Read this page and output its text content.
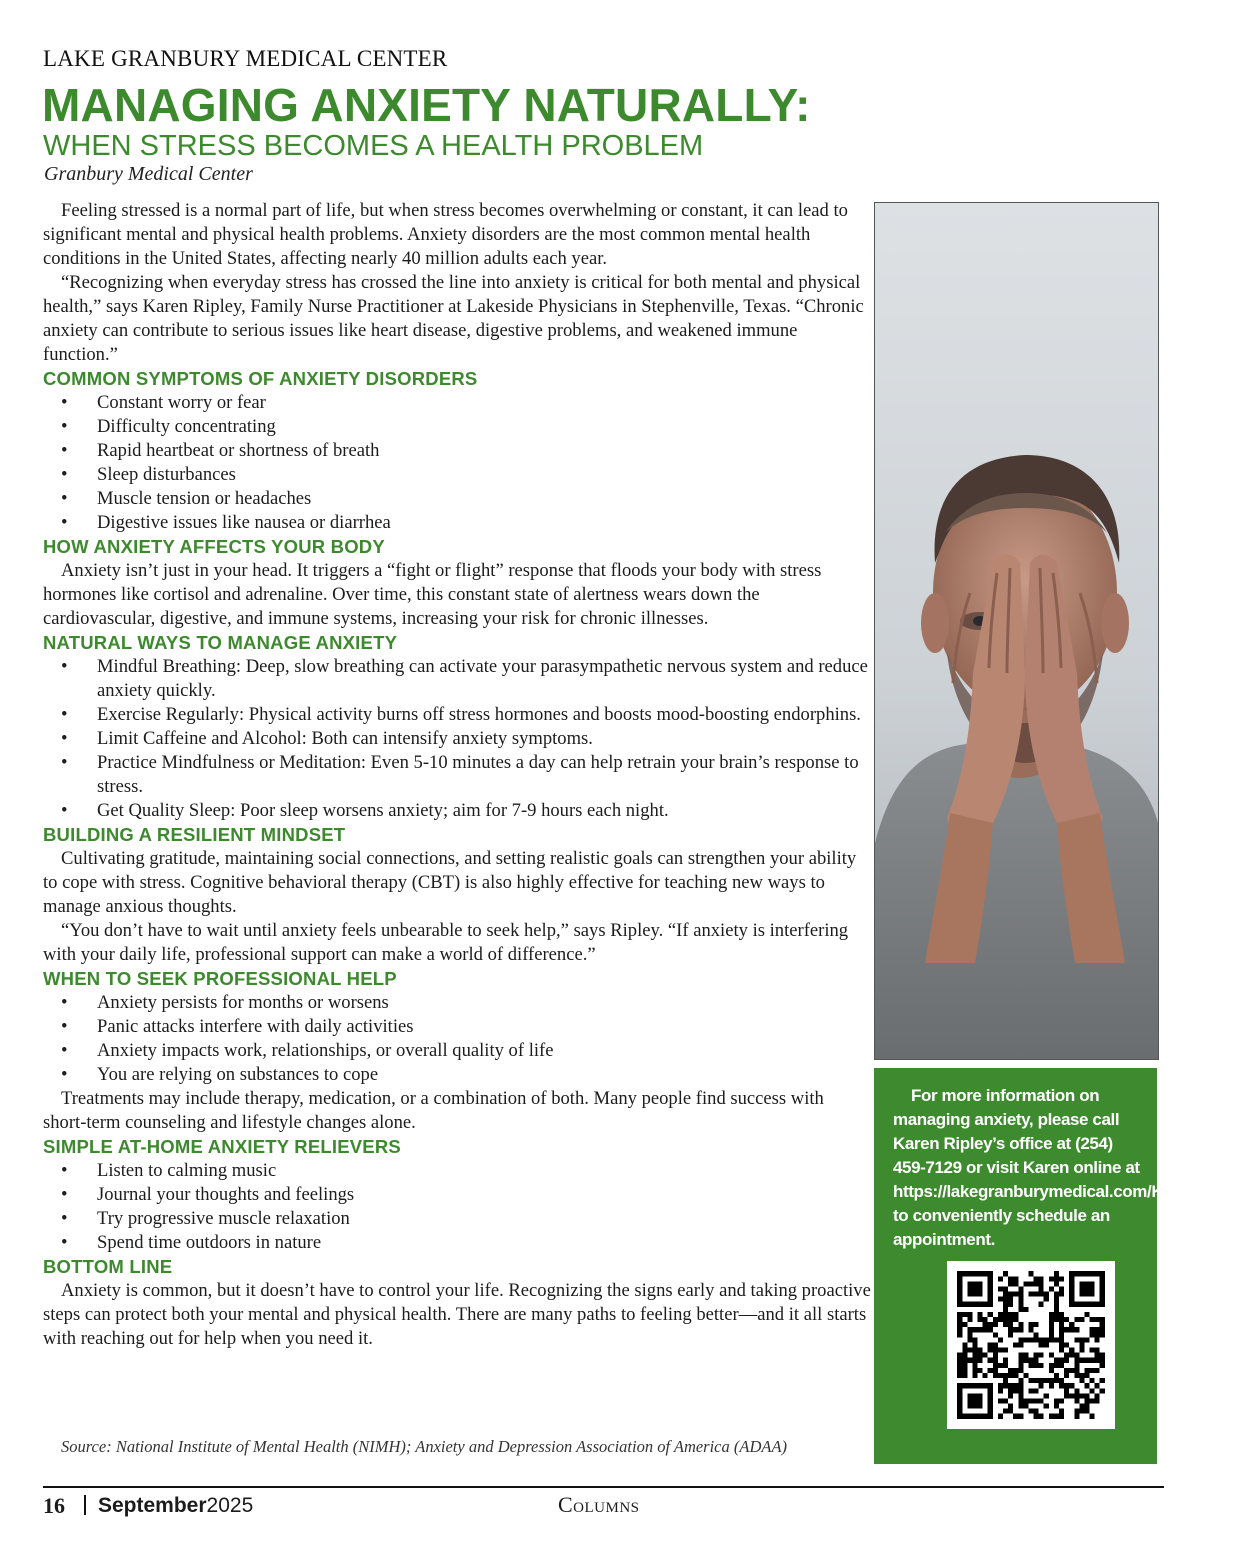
LAKE GRANBURY MEDICAL CENTER
MANAGING ANXIETY NATURALLY:
WHEN STRESS BECOMES A HEALTH PROBLEM
Granbury Medical Center

Feeling stressed is a normal part of life, but when stress becomes overwhelming or constant, it can lead to significant mental and physical health problems. Anxiety disorders are the most common mental health conditions in the United States, affecting nearly 40 million adults each year.

“Recognizing when everyday stress has crossed the line into anxiety is critical for both mental and physical health,” says Karen Ripley, Family Nurse Practitioner at Lakeside Physicians in Stephenville, Texas. “Chronic anxiety can contribute to serious issues like heart disease, digestive problems, and weakened immune function.”

COMMON SYMPTOMS OF ANXIETY DISORDERS
• Constant worry or fear
• Difficulty concentrating
• Rapid heartbeat or shortness of breath
• Sleep disturbances
• Muscle tension or headaches
• Digestive issues like nausea or diarrhea
HOW ANXIETY AFFECTS YOUR BODY

Anxiety isn’t just in your head. It triggers a “fight or flight” response that floods your body with stress hormones like cortisol and adrenaline. Over time, this constant state of alertness wears down the cardiovascular, digestive, and immune systems, increasing your risk for chronic illnesses.

NATURAL WAYS TO MANAGE ANXIETY
• Mindful Breathing: Deep, slow breathing can activate your parasympathetic nervous system and reduce anxiety quickly.
• Exercise Regularly: Physical activity burns off stress hormones and boosts mood-boosting endorphins.
• Limit Caffeine and Alcohol: Both can intensify anxiety symptoms.
• Practice Mindfulness or Meditation: Even 5-10 minutes a day can help retrain your brain’s response to stress.
• Get Quality Sleep: Poor sleep worsens anxiety; aim for 7-9 hours each night.
BUILDING A RESILIENT MINDSET

Cultivating gratitude, maintaining social connections, and setting realistic goals can strengthen your ability to cope with stress. Cognitive behavioral therapy (CBT) is also highly effective for teaching new ways to manage anxious thoughts.

“You don’t have to wait until anxiety feels unbearable to seek help,” says Ripley. “If anxiety is interfering with your daily life, professional support can make a world of difference.”

WHEN TO SEEK PROFESSIONAL HELP
• Anxiety persists for months or worsens
• Panic attacks interfere with daily activities
• Anxiety impacts work, relationships, or overall quality of life
• You are relying on substances to cope

Treatments may include therapy, medication, or a combination of both. Many people find success with short-term counseling and lifestyle changes alone.

SIMPLE AT-HOME ANXIETY RELIEVERS
• Listen to calming music
• Journal your thoughts and feelings
• Try progressive muscle relaxation
• Spend time outdoors in nature
BOTTOM LINE

Anxiety is common, but it doesn’t have to control your life. Recognizing the signs early and taking proactive steps can protect both your mental and physical health. There are many paths to feeling better—and it all starts with reaching out for help when you need it.

Source: National Institute of Mental Health (NIMH); Anxiety and Depression Association of America (ADAA)
For more information on managing anxiety, please call Karen Ripley’s office at (254) 459-7129 or visit Karen online at https://lakegranburymedical.com/KarenRipley to conveniently schedule an appointment.
16 September2025	Columns
